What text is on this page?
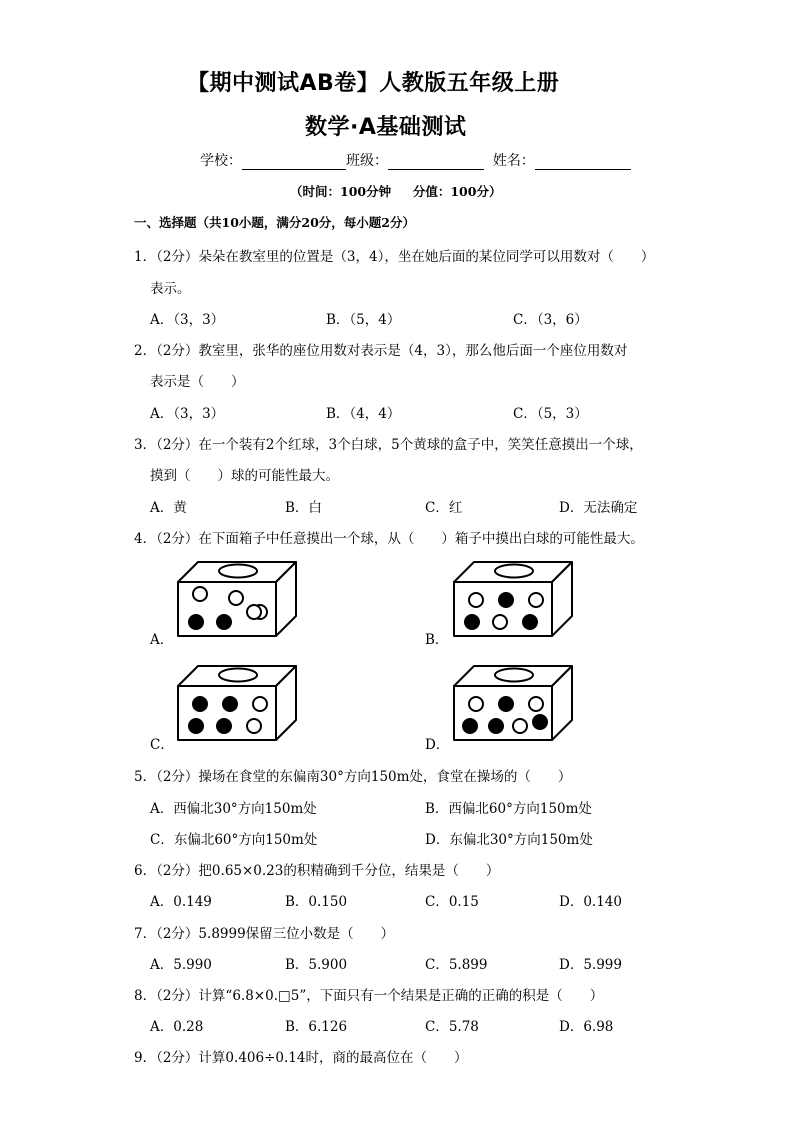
【期中测试AB卷】人教版五年级上册
数学·A基础测试
学校：	班级：	姓名：
（时间：100分钟     分值：100分）
一、选择题（共10小题，满分20分，每小题2分）
1．（2分）朵朵在教室里的位置是（3，4），坐在她后面的某位同学可以用数对（　　）
表示。
A．（3，3）	B．（5，4）	C．（3，6）
2．（2分）教室里，张华的座位用数对表示是（4，3），那么他后面一个座位用数对
表示是（　　）
A．（3，3）	B．（4，4）	C．（5，3）
3．（2分）在一个装有2个红球，3个白球，5个黄球的盒子中，笑笑任意摸出一个球，
摸到（　　）球的可能性最大。
A．黄	B．白	C．红	D．无法确定
4．（2分）在下面箱子中任意摸出一个球，从（　　）箱子中摸出白球的可能性最大。
A．	B．
C．	D．
5．（2分）操场在食堂的东偏南30°方向150m处，食堂在操场的（　　）
A．西偏北30°方向150m处	B．西偏北60°方向150m处
C．东偏北60°方向150m处	D．东偏北30°方向150m处
6．（2分）把0.65×0.23的积精确到千分位，结果是（　　）
A．0.149	B．0.150	C．0.15	D．0.140
7．（2分）5.8999保留三位小数是（　　）
A．5.990	B．5.900	C．5.899	D．5.999
8．（2分）计算“6.8×0.□5”，下面只有一个结果是正确的正确的积是（　　）
A．0.28	B．6.126	C．5.78	D．6.98
9．（2分）计算0.406÷0.14时，商的最高位在（　　）
